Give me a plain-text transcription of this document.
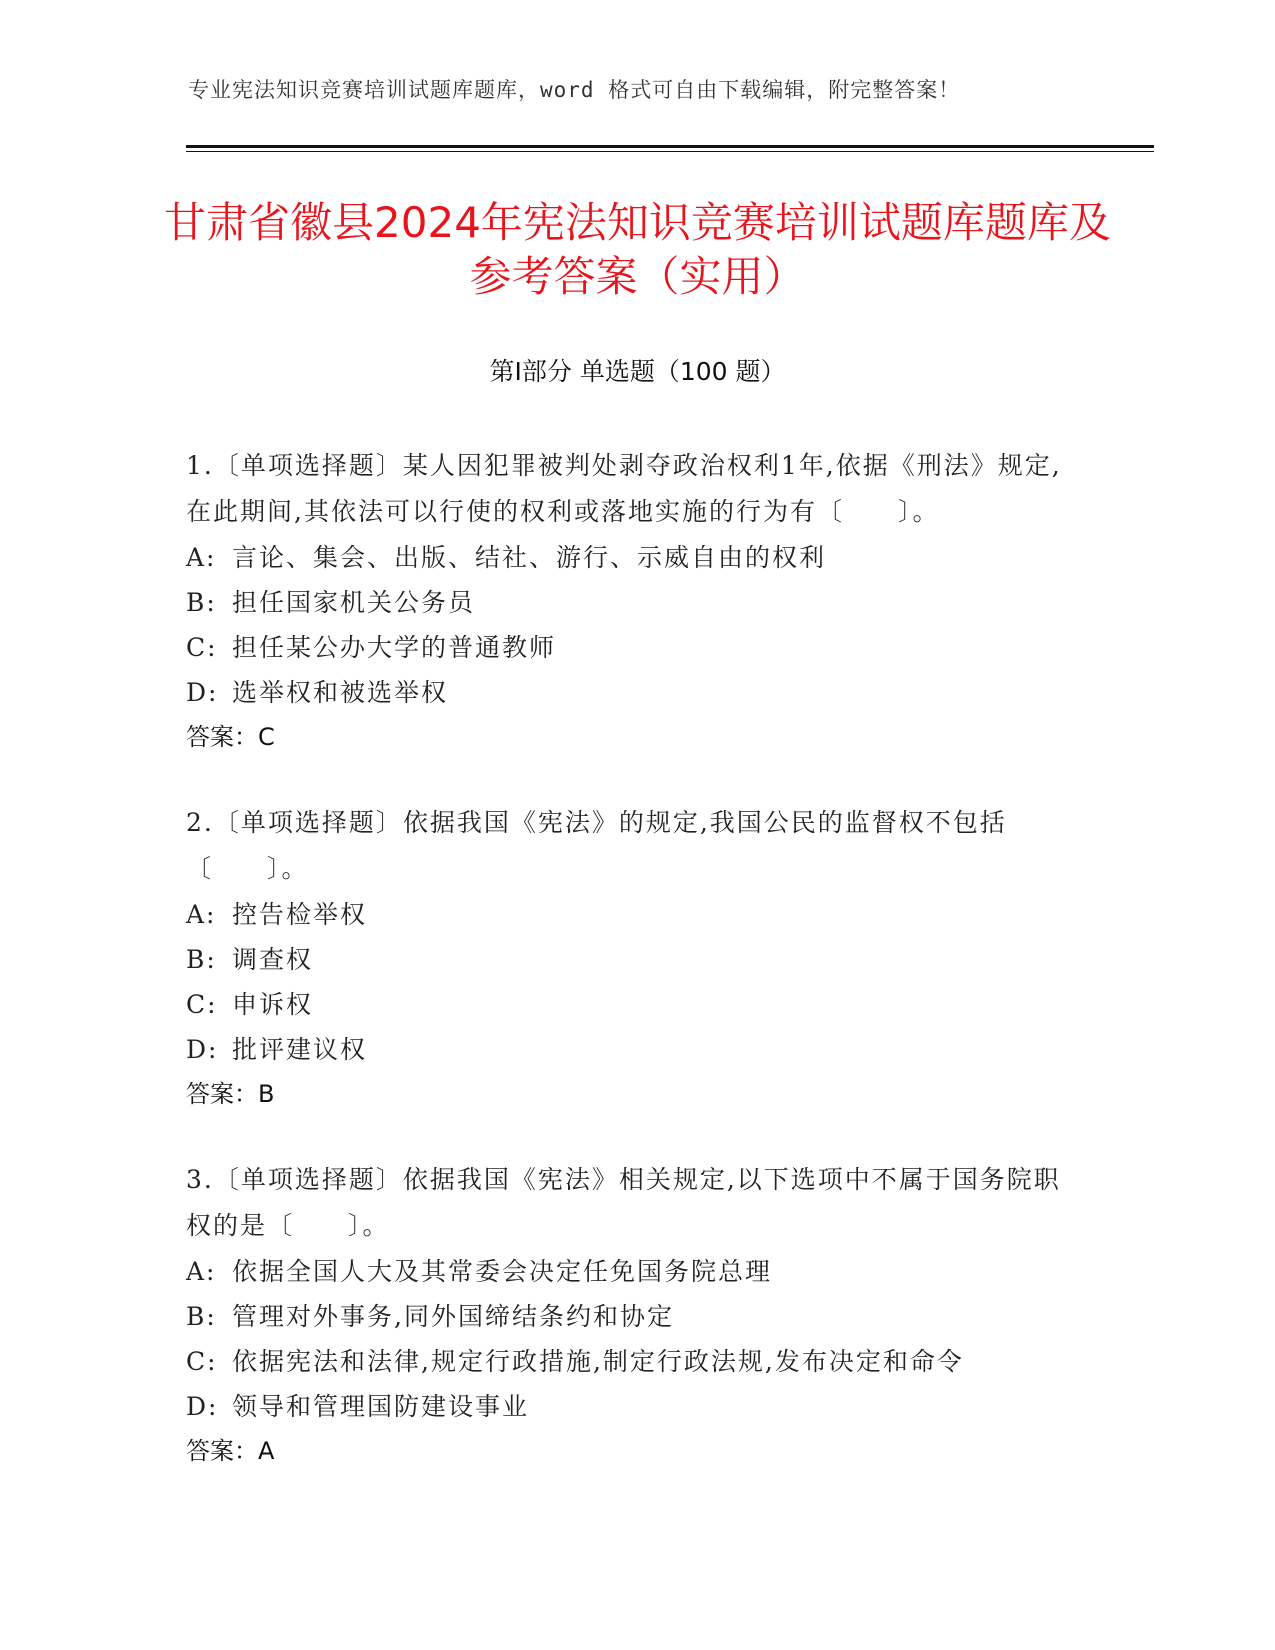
专业宪法知识竞赛培训试题库题库，word 格式可自由下载编辑，附完整答案！
甘肃省徽县2024年宪法知识竞赛培训试题库题库及参考答案（实用）
第Ⅰ部分 单选题（100 题）

1.〔单项选择题〕某人因犯罪被判处剥夺政治权利1年,依据《刑法》规定,在此期间,其依法可以行使的权利或落地实施的行为有〔　　〕。

A: 言论、集会、出版、结社、游行、示威自由的权利

B: 担任国家机关公务员

C: 担任某公办大学的普通教师

D: 选举权和被选举权

答案：C

2.〔单项选择题〕依据我国《宪法》的规定,我国公民的监督权不包括〔　　〕。

A: 控告检举权

B: 调查权

C: 申诉权

D: 批评建议权

答案：B

3.〔单项选择题〕依据我国《宪法》相关规定,以下选项中不属于国务院职权的是〔　　〕。

A: 依据全国人大及其常委会决定任免国务院总理

B: 管理对外事务,同外国缔结条约和协定

C: 依据宪法和法律,规定行政措施,制定行政法规,发布决定和命令

D: 领导和管理国防建设事业

答案：A
